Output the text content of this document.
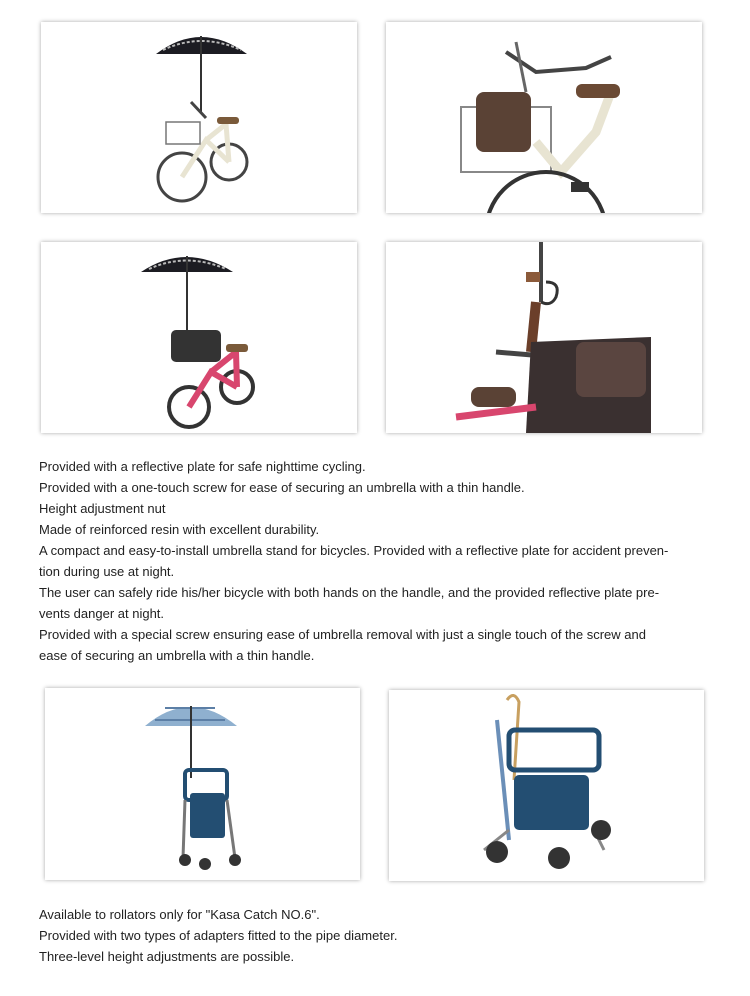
Provided with a reflective plate for safe nighttime cycling.
Provided with a one-touch screw for ease of securing an umbrella with a thin handle.
Height adjustment nut
Made of reinforced resin with excellent durability.
A compact and easy-to-install umbrella stand for bicycles. Provided with a reflective plate for accident preven-
tion during use at night.
The user can safely ride his/her bicycle with both hands on the handle, and the provided reflective plate pre-
vents danger at night.
Provided with a special screw ensuring ease of umbrella removal with just a single touch of the screw and
ease of securing an umbrella with a thin handle.
Available to rollators only for "Kasa Catch NO.6".
Provided with two types of adapters fitted to the pipe diameter.
Three-level height adjustments are possible.
